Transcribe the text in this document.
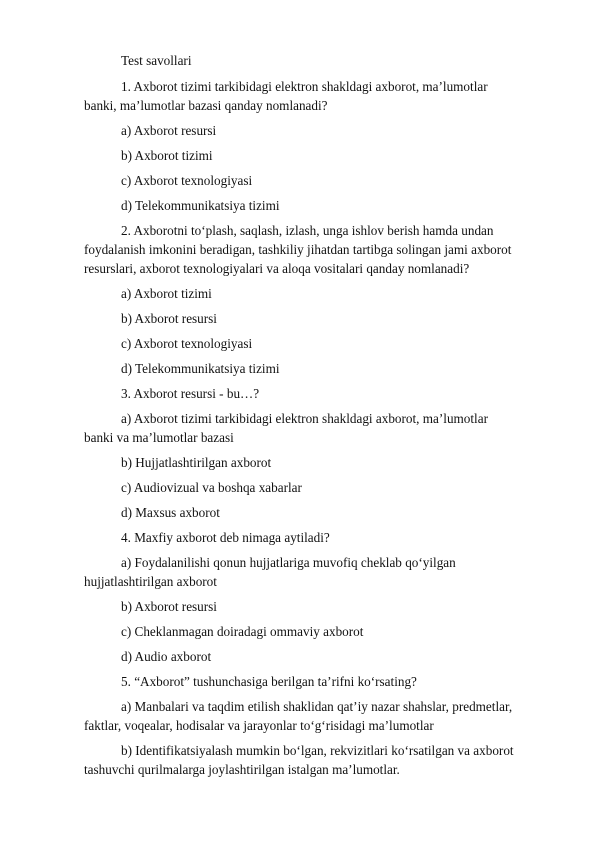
Test savollari

1. Axborot tizimi tarkibidagi elektron shakldagi axborot, ma’lumotlar banki, ma’lumotlar bazasi qanday nomlanadi?

a) Axborot resursi

b) Axborot tizimi

c) Axborot texnologiyasi

d) Telekommunikatsiya tizimi

2. Axborotni to‘plash, saqlash, izlash, unga ishlov berish hamda undan foydalanish imkonini beradigan, tashkiliy jihatdan tartibga solingan jami axborot resurslari, axborot texnologiyalari va aloqa vositalari qanday nomlanadi?

a) Axborot tizimi

b) Axborot resursi

c) Axborot texnologiyasi

d) Telekommunikatsiya tizimi

3. Axborot resursi - bu…?

a) Axborot tizimi tarkibidagi elektron shakldagi axborot, ma’lumotlar banki va ma’lumotlar bazasi

b) Hujjatlashtirilgan axborot

c) Audiovizual va boshqa xabarlar

d) Maxsus axborot

4. Maxfiy axborot deb nimaga aytiladi?

a) Foydalanilishi qonun hujjatlariga muvofiq cheklab qo‘yilgan hujjatlashtirilgan axborot

b) Axborot resursi

c) Cheklanmagan doiradagi ommaviy axborot

d) Audio axborot

5. “Axborot” tushunchasiga berilgan ta’rifni ko‘rsating?

a) Manbalari va taqdim etilish shaklidan qat’iy nazar shahslar, predmetlar, faktlar, voqealar, hodisalar va jarayonlar to‘g‘risidagi ma’lumotlar

b) Identifikatsiyalash mumkin bo‘lgan, rekvizitlari ko‘rsatilgan va axborot tashuvchi qurilmalarga joylashtirilgan istalgan ma’lumotlar.
